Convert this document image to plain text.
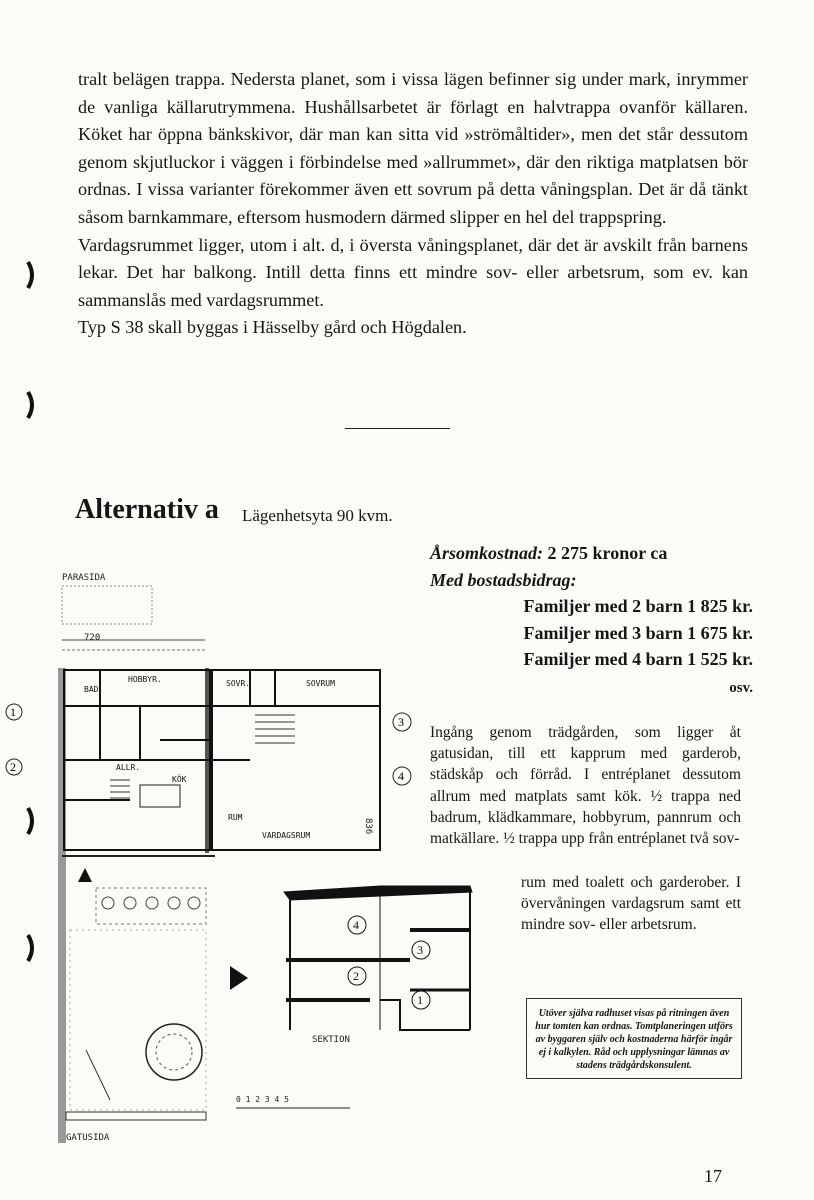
tralt belägen trappa. Nedersta planet, som i vissa lägen befinner sig under mark, inrymmer de vanliga källarutrymmena. Hushållsarbetet är förlagt en halvtrappa ovanför källaren. Köket har öppna bänkskivor, där man kan sitta vid »strömåltider», men det står dessutom genom skjutluckor i väggen i förbindelse med »allrummet», där den riktiga matplatsen bör ordnas. I vissa varianter förekommer även ett sovrum på detta våningsplan. Det är då tänkt såsom barnkammare, eftersom husmodern därmed slipper en hel del trappspring.

Vardagsrummet ligger, utom i alt. d, i översta våningsplanet, där det är avskilt från barnens lekar. Det har balkong. Intill detta finns ett mindre sov- eller arbetsrum, som ev. kan sammanslås med vardagsrummet.

Typ S 38 skall byggas i Hässelby gård och Högdalen.

Alternativ a Lägenhetsyta 90 kvm.
Årsomkostnad: 2 275 kronor ca
Med bostadsbidrag:
Familjer med 2 barn 1 825 kr.
Familjer med 3 barn 1 675 kr.
Familjer med 4 barn 1 525 kr.
osv.
Ingång genom trädgården, som ligger åt gatusidan, till ett kapprum med garderob, städskåp och förråd. I entréplanet dessutom allrum med matplats samt kök. ½ trappa ned badrum, klädkammare, hobbyrum, pannrum och matkällare. ½ trappa upp från entréplanet två sov-
rum med toalett och garderober. I övervåningen vardagsrum samt ett mindre sov- eller arbetsrum.
Utöver själva radhuset visas på ritningen även hur tomten kan ordnas. Tomtplaneringen utförs av byggaren själv och kostnaderna härför ingår ej i kalkylen. Råd och upplysningar lämnas av stadens trädgårdskonsulent.
17
PARASIDA
720
BAD
HOBBYR.
ALLR.
KÖK
SOVR.	SOVRUM
RUM
VARDAGSRUM
836
1
2
3
4
GATUSIDA
4
2
3
1
SEKTION
0 1 2 3 4 5
